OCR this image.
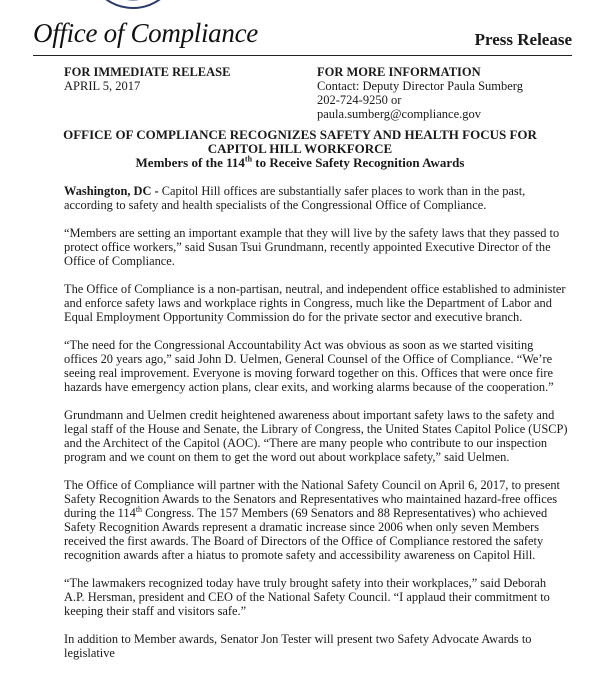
Office of Compliance	Press Release
FOR IMMEDIATE RELEASE
APRIL 5, 2017
FOR MORE INFORMATION
Contact: Deputy Director Paula Sumberg
202-724-9250 or
paula.sumberg@compliance.gov
OFFICE OF COMPLIANCE RECOGNIZES SAFETY AND HEALTH FOCUS FOR
CAPITOL HILL WORKFORCE
Members of the 114th to Receive Safety Recognition Awards

Washington, DC - Capitol Hill offices are substantially safer places to work than in the past, according to safety and health specialists of the Congressional Office of Compliance.

“Members are setting an important example that they will live by the safety laws that they passed to protect office workers,” said Susan Tsui Grundmann, recently appointed Executive Director of the Office of Compliance.

The Office of Compliance is a non-partisan, neutral, and independent office established to administer and enforce safety laws and workplace rights in Congress, much like the Department of Labor and Equal Employment Opportunity Commission do for the private sector and executive branch.

“The need for the Congressional Accountability Act was obvious as soon as we started visiting offices 20 years ago,” said John D. Uelmen, General Counsel of the Office of Compliance. “We’re seeing real improvement. Everyone is moving forward together on this. Offices that were once fire hazards have emergency action plans, clear exits, and working alarms because of the cooperation.”

Grundmann and Uelmen credit heightened awareness about important safety laws to the safety and legal staff of the House and Senate, the Library of Congress, the United States Capitol Police (USCP) and the Architect of the Capitol (AOC). “There are many people who contribute to our inspection program and we count on them to get the word out about workplace safety,” said Uelmen.

The Office of Compliance will partner with the National Safety Council on April 6, 2017, to present Safety Recognition Awards to the Senators and Representatives who maintained hazard-free offices during the 114th Congress. The 157 Members (69 Senators and 88 Representatives) who achieved Safety Recognition Awards represent a dramatic increase since 2006 when only seven Members received the first awards. The Board of Directors of the Office of Compliance restored the safety recognition awards after a hiatus to promote safety and accessibility awareness on Capitol Hill.

“The lawmakers recognized today have truly brought safety into their workplaces,” said Deborah A.P. Hersman, president and CEO of the National Safety Council. “I applaud their commitment to keeping their staff and visitors safe.”

In addition to Member awards, Senator Jon Tester will present two Safety Advocate Awards to legislative
